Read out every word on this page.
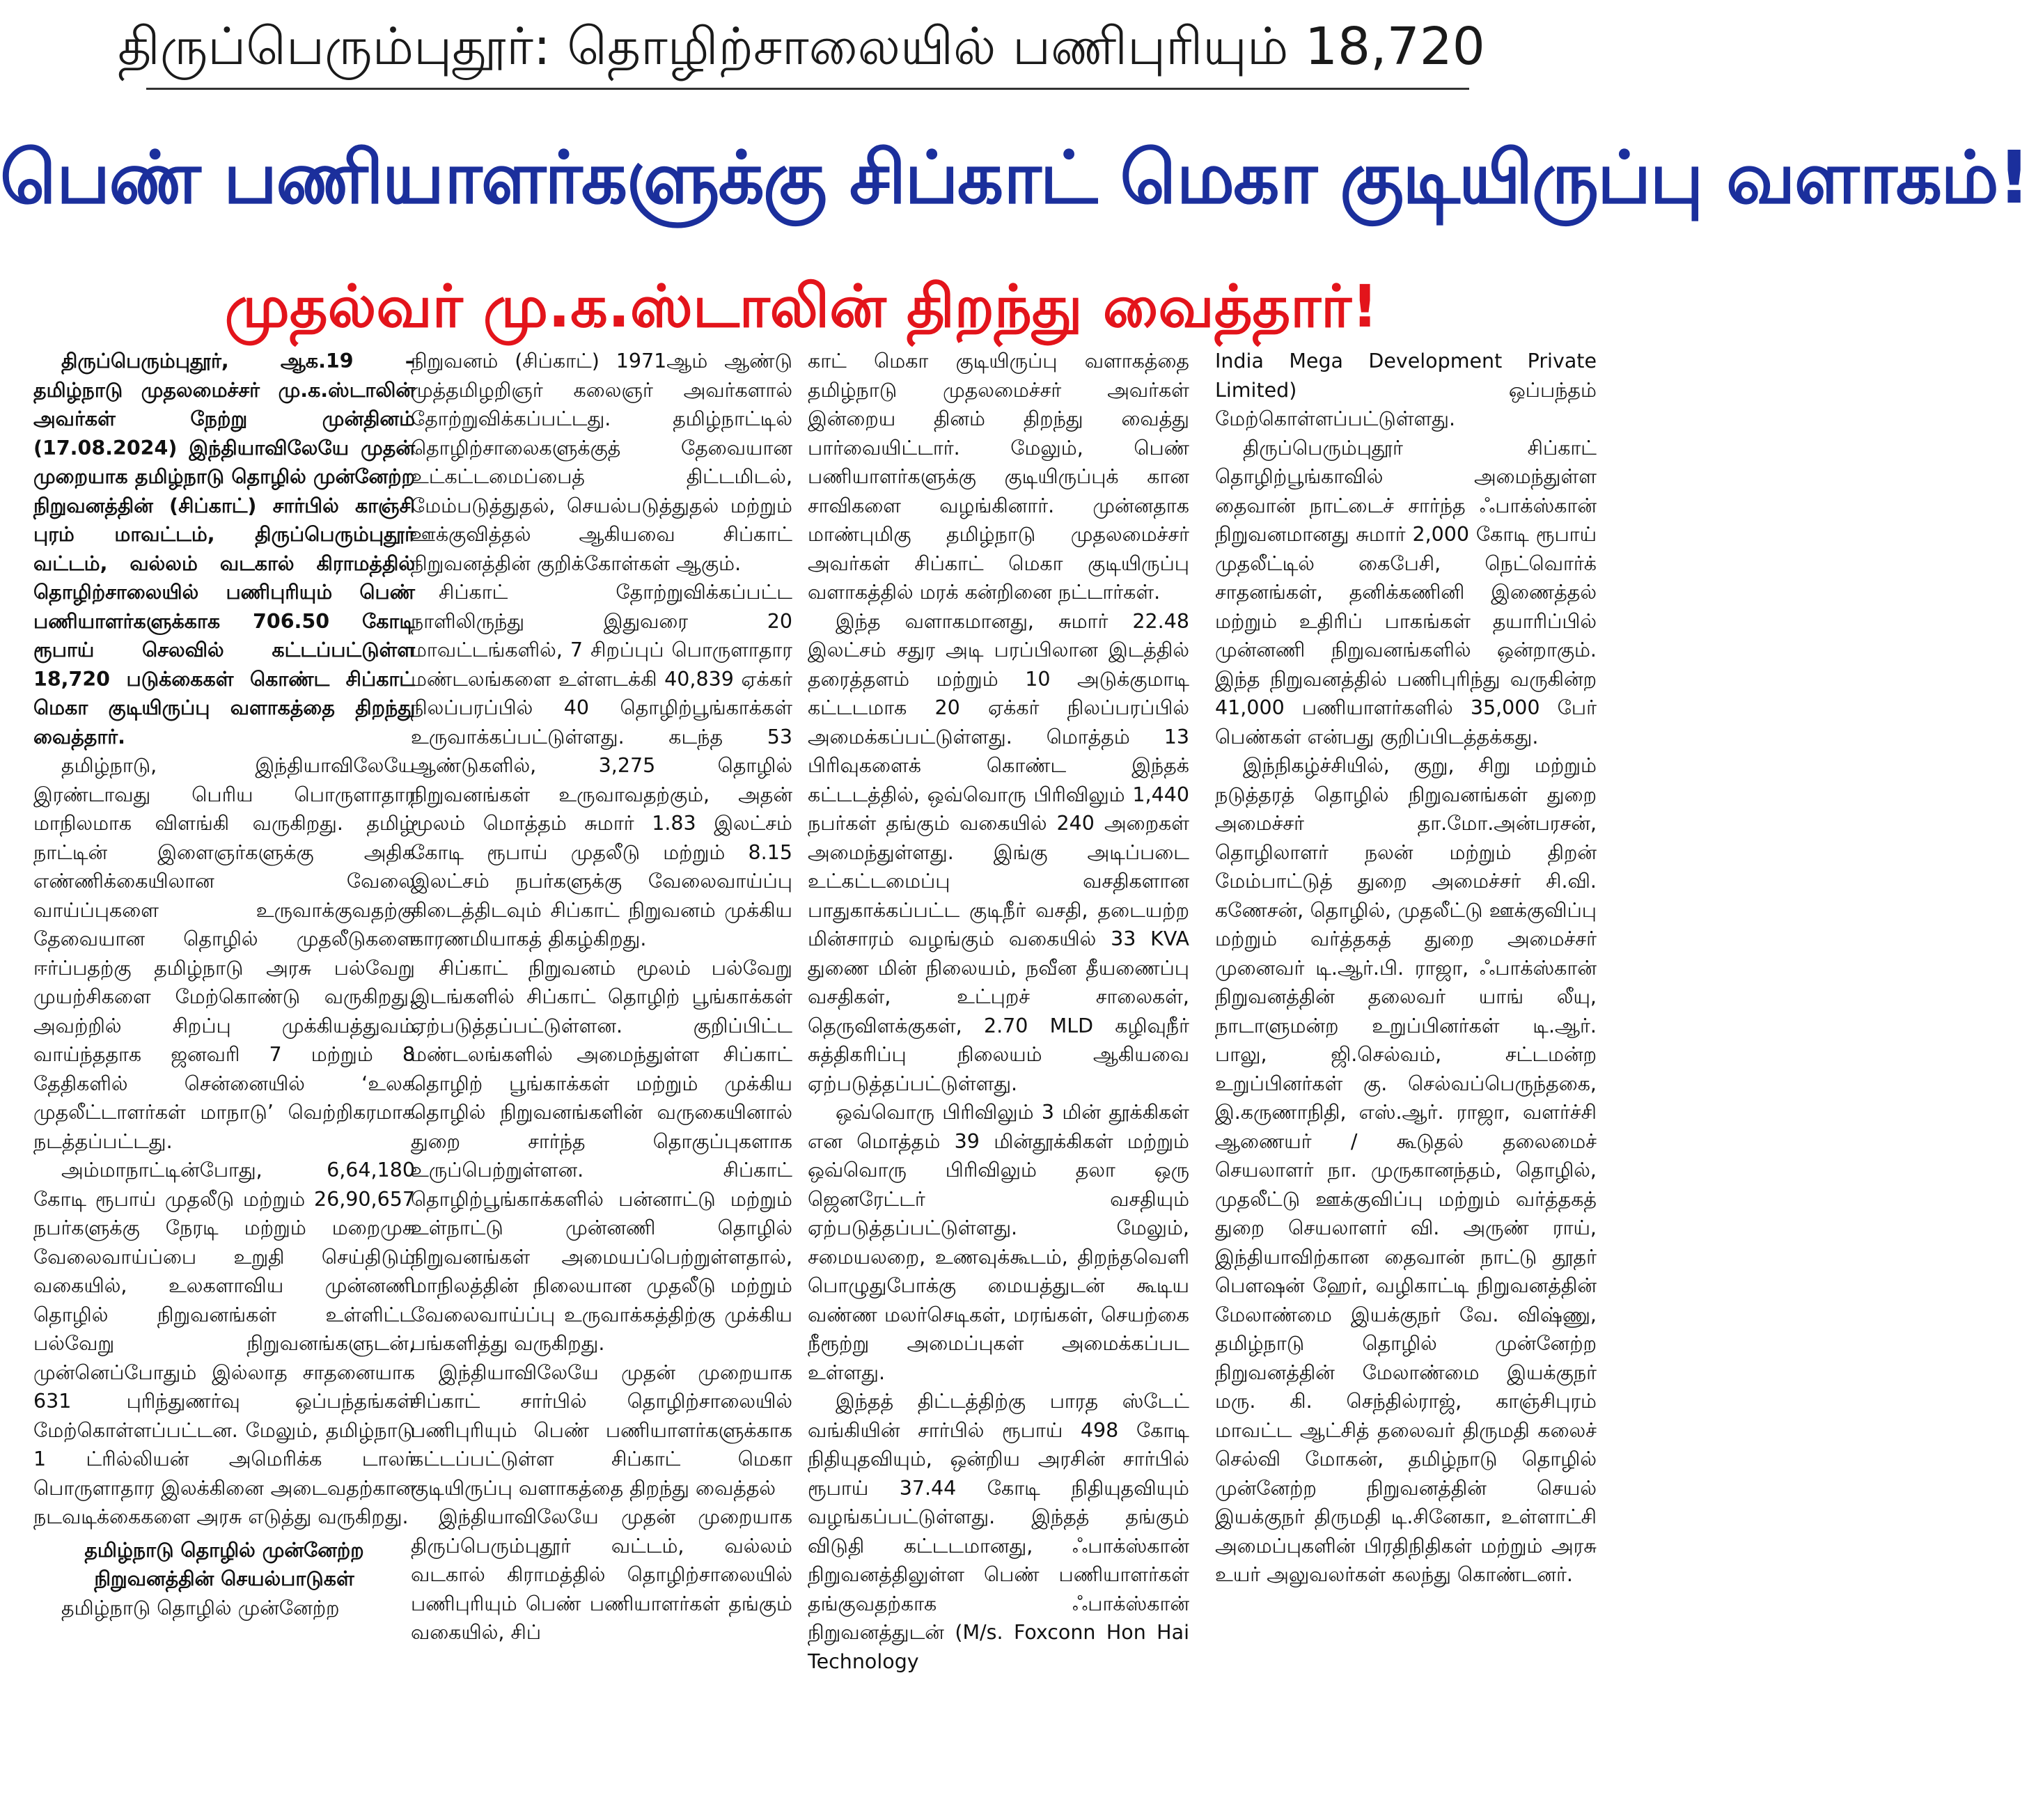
திருப்பெரும்புதூர்: தொழிற்சாலையில் பணிபுரியும் 18,720
பெண் பணியாளர்களுக்கு சிப்காட் மெகா குடியிருப்பு வளாகம்!
முதல்வர் மு.க.ஸ்டாலின் திறந்து வைத்தார்!

திருப்பெரும்புதூர், ஆக.19 – தமிழ்நாடு முதலமைச்சர் மு.க.ஸ்டாலின் அவர்கள் நேற்று முன்தினம் (17.08.2024) இந்தியாவிலேயே முதன் முறையாக தமிழ்நாடு தொழில் முன்னேற்ற நிறுவனத்தின் (சிப்காட்) சார்பில் காஞ்சி புரம் மாவட்டம், திருப்பெரும்புதூர் வட்டம், வல்லம் வடகால் கிராமத்தில் தொழிற்சாலையில் பணிபுரியும் பெண் பணியாளர்களுக்காக 706.50 கோடி ரூபாய் செலவில் கட்டப்பட்டுள்ள 18,720 படுக்கைகள் கொண்ட சிப்காட் மெகா குடியிருப்பு வளாகத்தை திறந்து வைத்தார்.

தமிழ்நாடு, இந்தியாவிலேயே இரண்டாவது பெரிய பொருளாதார மாநிலமாக விளங்கி வருகிறது. தமிழ் நாட்டின் இளைஞர்களுக்கு அதிக எண்ணிக்கையிலான வேலை வாய்ப்புகளை உருவாக்குவதற்கு தேவையான தொழில் முதலீடுகளை ஈர்ப்பதற்கு தமிழ்நாடு அரசு பல்வேறு முயற்சிகளை மேற்கொண்டு வருகிறது. அவற்றில் சிறப்பு முக்கியத்துவம் வாய்ந்ததாக ஜனவரி 7 மற்றும் 8 தேதிகளில் சென்னையில் ‘உலக முதலீட்டாளர்கள் மாநாடு’ வெற்றிகரமாக நடத்தப்பட்டது.

அம்மாநாட்டின்போது, 6,64,180 கோடி ரூபாய் முதலீடு மற்றும் 26,90,657 நபர்களுக்கு நேரடி மற்றும் மறைமுக வேலைவாய்ப்பை உறுதி செய்திடும் வகையில், உலகளாவிய முன்னணி தொழில் நிறுவனங்கள் உள்ளிட்ட பல்வேறு நிறுவனங்களுடன், முன்னெப்போதும் இல்லாத சாதனையாக 631 புரிந்துணர்வு ஒப்பந்தங்கள் மேற்கொள்ளப்பட்டன. மேலும், தமிழ்நாடு 1 ட்ரில்லியன் அமெரிக்க டாலர் பொருளாதார இலக்கினை அடைவதற்கான நடவடிக்கைகளை அரசு எடுத்து வருகிறது.

தமிழ்நாடு தொழில் முன்னேற்ற நிறுவனத்தின் செயல்பாடுகள்

தமிழ்நாடு தொழில் முன்னேற்ற

நிறுவனம் (சிப்காட்) 1971ஆம் ஆண்டு முத்தமிழறிஞர் கலைஞர் அவர்களால் தோற்றுவிக்கப்பட்டது. தமிழ்நாட்டில் தொழிற்சாலைகளுக்குத் தேவையான உட்கட்டமைப்பைத் திட்டமிடல், மேம்படுத்துதல், செயல்படுத்துதல் மற்றும் ஊக்குவித்தல் ஆகியவை சிப்காட் நிறுவனத்தின் குறிக்கோள்கள் ஆகும்.

சிப்காட் தோற்றுவிக்கப்பட்ட நாளிலிருந்து இதுவரை 20 மாவட்டங்களில், 7 சிறப்புப் பொருளாதார மண்டலங்களை உள்ளடக்கி 40,839 ஏக்கர் நிலப்பரப்பில் 40 தொழிற்பூங்காக்கள் உருவாக்கப்பட்டுள்ளது. கடந்த 53 ஆண்டுகளில், 3,275 தொழில் நிறுவனங்கள் உருவாவதற்கும், அதன் மூலம் மொத்தம் சுமார் 1.83 இலட்சம் கோடி ரூபாய் முதலீடு மற்றும் 8.15 இலட்சம் நபர்களுக்கு வேலைவாய்ப்பு கிடைத்திடவும் சிப்காட் நிறுவனம் முக்கிய காரணமியாகத் திகழ்கிறது.

சிப்காட் நிறுவனம் மூலம் பல்வேறு இடங்களில் சிப்காட் தொழிற் பூங்காக்கள் ஏற்படுத்தப்பட்டுள்ளன. குறிப்பிட்ட மண்டலங்களில் அமைந்துள்ள சிப்காட் தொழிற் பூங்காக்கள் மற்றும் முக்கிய தொழில் நிறுவனங்களின் வருகையினால் துறை சார்ந்த தொகுப்புகளாக உருப்பெற்றுள்ளன. சிப்காட் தொழிற்பூங்காக்களில் பன்னாட்டு மற்றும் உள்நாட்டு முன்னணி தொழில் நிறுவனங்கள் அமையப்பெற்றுள்ளதால், மாநிலத்தின் நிலையான முதலீடு மற்றும் வேலைவாய்ப்பு உருவாக்கத்திற்கு முக்கிய பங்களித்து வருகிறது.

இந்தியாவிலேயே முதன் முறையாக சிப்காட் சார்பில் தொழிற்சாலையில் பணிபுரியும் பெண் பணியாளர்களுக்காக கட்டப்பட்டுள்ள சிப்காட் மெகா குடியிருப்பு வளாகத்தை திறந்து வைத்தல்

இந்தியாவிலேயே முதன் முறையாக திருப்பெரும்புதூர் வட்டம், வல்லம் வடகால் கிராமத்தில் தொழிற்சாலையில் பணிபுரியும் பெண் பணியாளர்கள் தங்கும் வகையில், சிப்

காட் மெகா குடியிருப்பு வளாகத்தை தமிழ்நாடு முதலமைச்சர் அவர்கள் இன்றைய தினம் திறந்து வைத்து பார்வையிட்டார். மேலும், பெண் பணியாளர்களுக்கு குடியிருப்புக் கான சாவிகளை வழங்கினார். முன்னதாக மாண்புமிகு தமிழ்நாடு முதலமைச்சர் அவர்கள் சிப்காட் மெகா குடியிருப்பு வளாகத்தில் மரக் கன்றினை நட்டார்கள்.

இந்த வளாகமானது, சுமார் 22.48 இலட்சம் சதுர அடி பரப்பிலான இடத்தில் தரைத்தளம் மற்றும் 10 அடுக்குமாடி கட்டடமாக 20 ஏக்கர் நிலப்பரப்பில் அமைக்கப்பட்டுள்ளது. மொத்தம் 13 பிரிவுகளைக் கொண்ட இந்தக் கட்டடத்தில், ஒவ்வொரு பிரிவிலும் 1,440 நபர்கள் தங்கும் வகையில் 240 அறைகள் அமைந்துள்ளது. இங்கு அடிப்படை உட்கட்டமைப்பு வசதிகளான பாதுகாக்கப்பட்ட குடிநீர் வசதி, தடையற்ற மின்சாரம் வழங்கும் வகையில் 33 KVA துணை மின் நிலையம், நவீன தீயணைப்பு வசதிகள், உட்புறச் சாலைகள், தெருவிளக்குகள், 2.70 MLD கழிவுநீர் சுத்திகரிப்பு நிலையம் ஆகியவை ஏற்படுத்தப்பட்டுள்ளது.

ஒவ்வொரு பிரிவிலும் 3 மின் தூக்கிகள் என மொத்தம் 39 மின்தூக்கிகள் மற்றும் ஒவ்வொரு பிரிவிலும் தலா ஒரு ஜெனரேட்டர் வசதியும் ஏற்படுத்தப்பட்டுள்ளது. மேலும், சமையலறை, உணவுக்கூடம், திறந்தவெளி பொழுதுபோக்கு மையத்துடன் கூடிய வண்ண மலர்செடிகள், மரங்கள், செயற்கை நீரூற்று அமைப்புகள் அமைக்கப்பட உள்ளது.

இந்தத் திட்டத்திற்கு பாரத ஸ்டேட் வங்கியின் சார்பில் ரூபாய் 498 கோடி நிதியுதவியும், ஒன்றிய அரசின் சார்பில் ரூபாய் 37.44 கோடி நிதியுதவியும் வழங்கப்பட்டுள்ளது. இந்தத் தங்கும் விடுதி கட்டடமானது, ஃபாக்ஸ்கான் நிறுவனத்திலுள்ள பெண் பணியாளர்கள் தங்குவதற்காக ஃபாக்ஸ்கான் நிறுவனத்துடன் (M/s. Foxconn Hon Hai Technology

India Mega Development Private Limited) ஒப்பந்தம் மேற்கொள்ளப்பட்டுள்ளது.

திருப்பெரும்புதூர் சிப்காட் தொழிற்பூங்காவில் அமைந்துள்ள தைவான் நாட்டைச் சார்ந்த ஃபாக்ஸ்கான் நிறுவனமானது சுமார் 2,000 கோடி ரூபாய் முதலீட்டில் கைபேசி, நெட்வொர்க் சாதனங்கள், தனிக்கணினி இணைத்தல் மற்றும் உதிரிப் பாகங்கள் தயாரிப்பில் முன்னணி நிறுவனங்களில் ஒன்றாகும். இந்த நிறுவனத்தில் பணிபுரிந்து வருகின்ற 41,000 பணியாளர்களில் 35,000 பேர் பெண்கள் என்பது குறிப்பிடத்தக்கது.

இந்நிகழ்ச்சியில், குறு, சிறு மற்றும் நடுத்தரத் தொழில் நிறுவனங்கள் துறை அமைச்சர் தா.மோ.அன்பரசன், தொழிலாளர் நலன் மற்றும் திறன் மேம்பாட்டுத் துறை அமைச்சர் சி.வி. கணேசன், தொழில், முதலீட்டு ஊக்குவிப்பு மற்றும் வர்த்தகத் துறை அமைச்சர் முனைவர் டி.ஆர்.பி. ராஜா, ஃபாக்ஸ்கான் நிறுவனத்தின் தலைவர் யாங் லீயு, நாடாளுமன்ற உறுப்பினர்கள் டி.ஆர். பாலு, ஜி.செல்வம், சட்டமன்ற உறுப்பினர்கள் கு. செல்வப்பெருந்தகை, இ.கருணாநிதி, எஸ்.ஆர். ராஜா, வளர்ச்சி ஆணையர் / கூடுதல் தலைமைச் செயலாளர் நா. முருகானந்தம், தொழில், முதலீட்டு ஊக்குவிப்பு மற்றும் வர்த்தகத் துறை செயலாளர் வி. அருண் ராய், இந்தியாவிற்கான தைவான் நாட்டு தூதர் பௌஷன் ஹேர், வழிகாட்டி நிறுவனத்தின் மேலாண்மை இயக்குநர் வே. விஷ்ணு, தமிழ்நாடு தொழில் முன்னேற்ற நிறுவனத்தின் மேலாண்மை இயக்குநர் மரு. கி. செந்தில்ராஜ், காஞ்சிபுரம் மாவட்ட ஆட்சித் தலைவர் திருமதி கலைச் செல்வி மோகன், தமிழ்நாடு தொழில் முன்னேற்ற நிறுவனத்தின் செயல் இயக்குநர் திருமதி டி.சினேகா, உள்ளாட்சி அமைப்புகளின் பிரதிநிதிகள் மற்றும் அரசு உயர் அலுவலர்கள் கலந்து கொண்டனர்.
